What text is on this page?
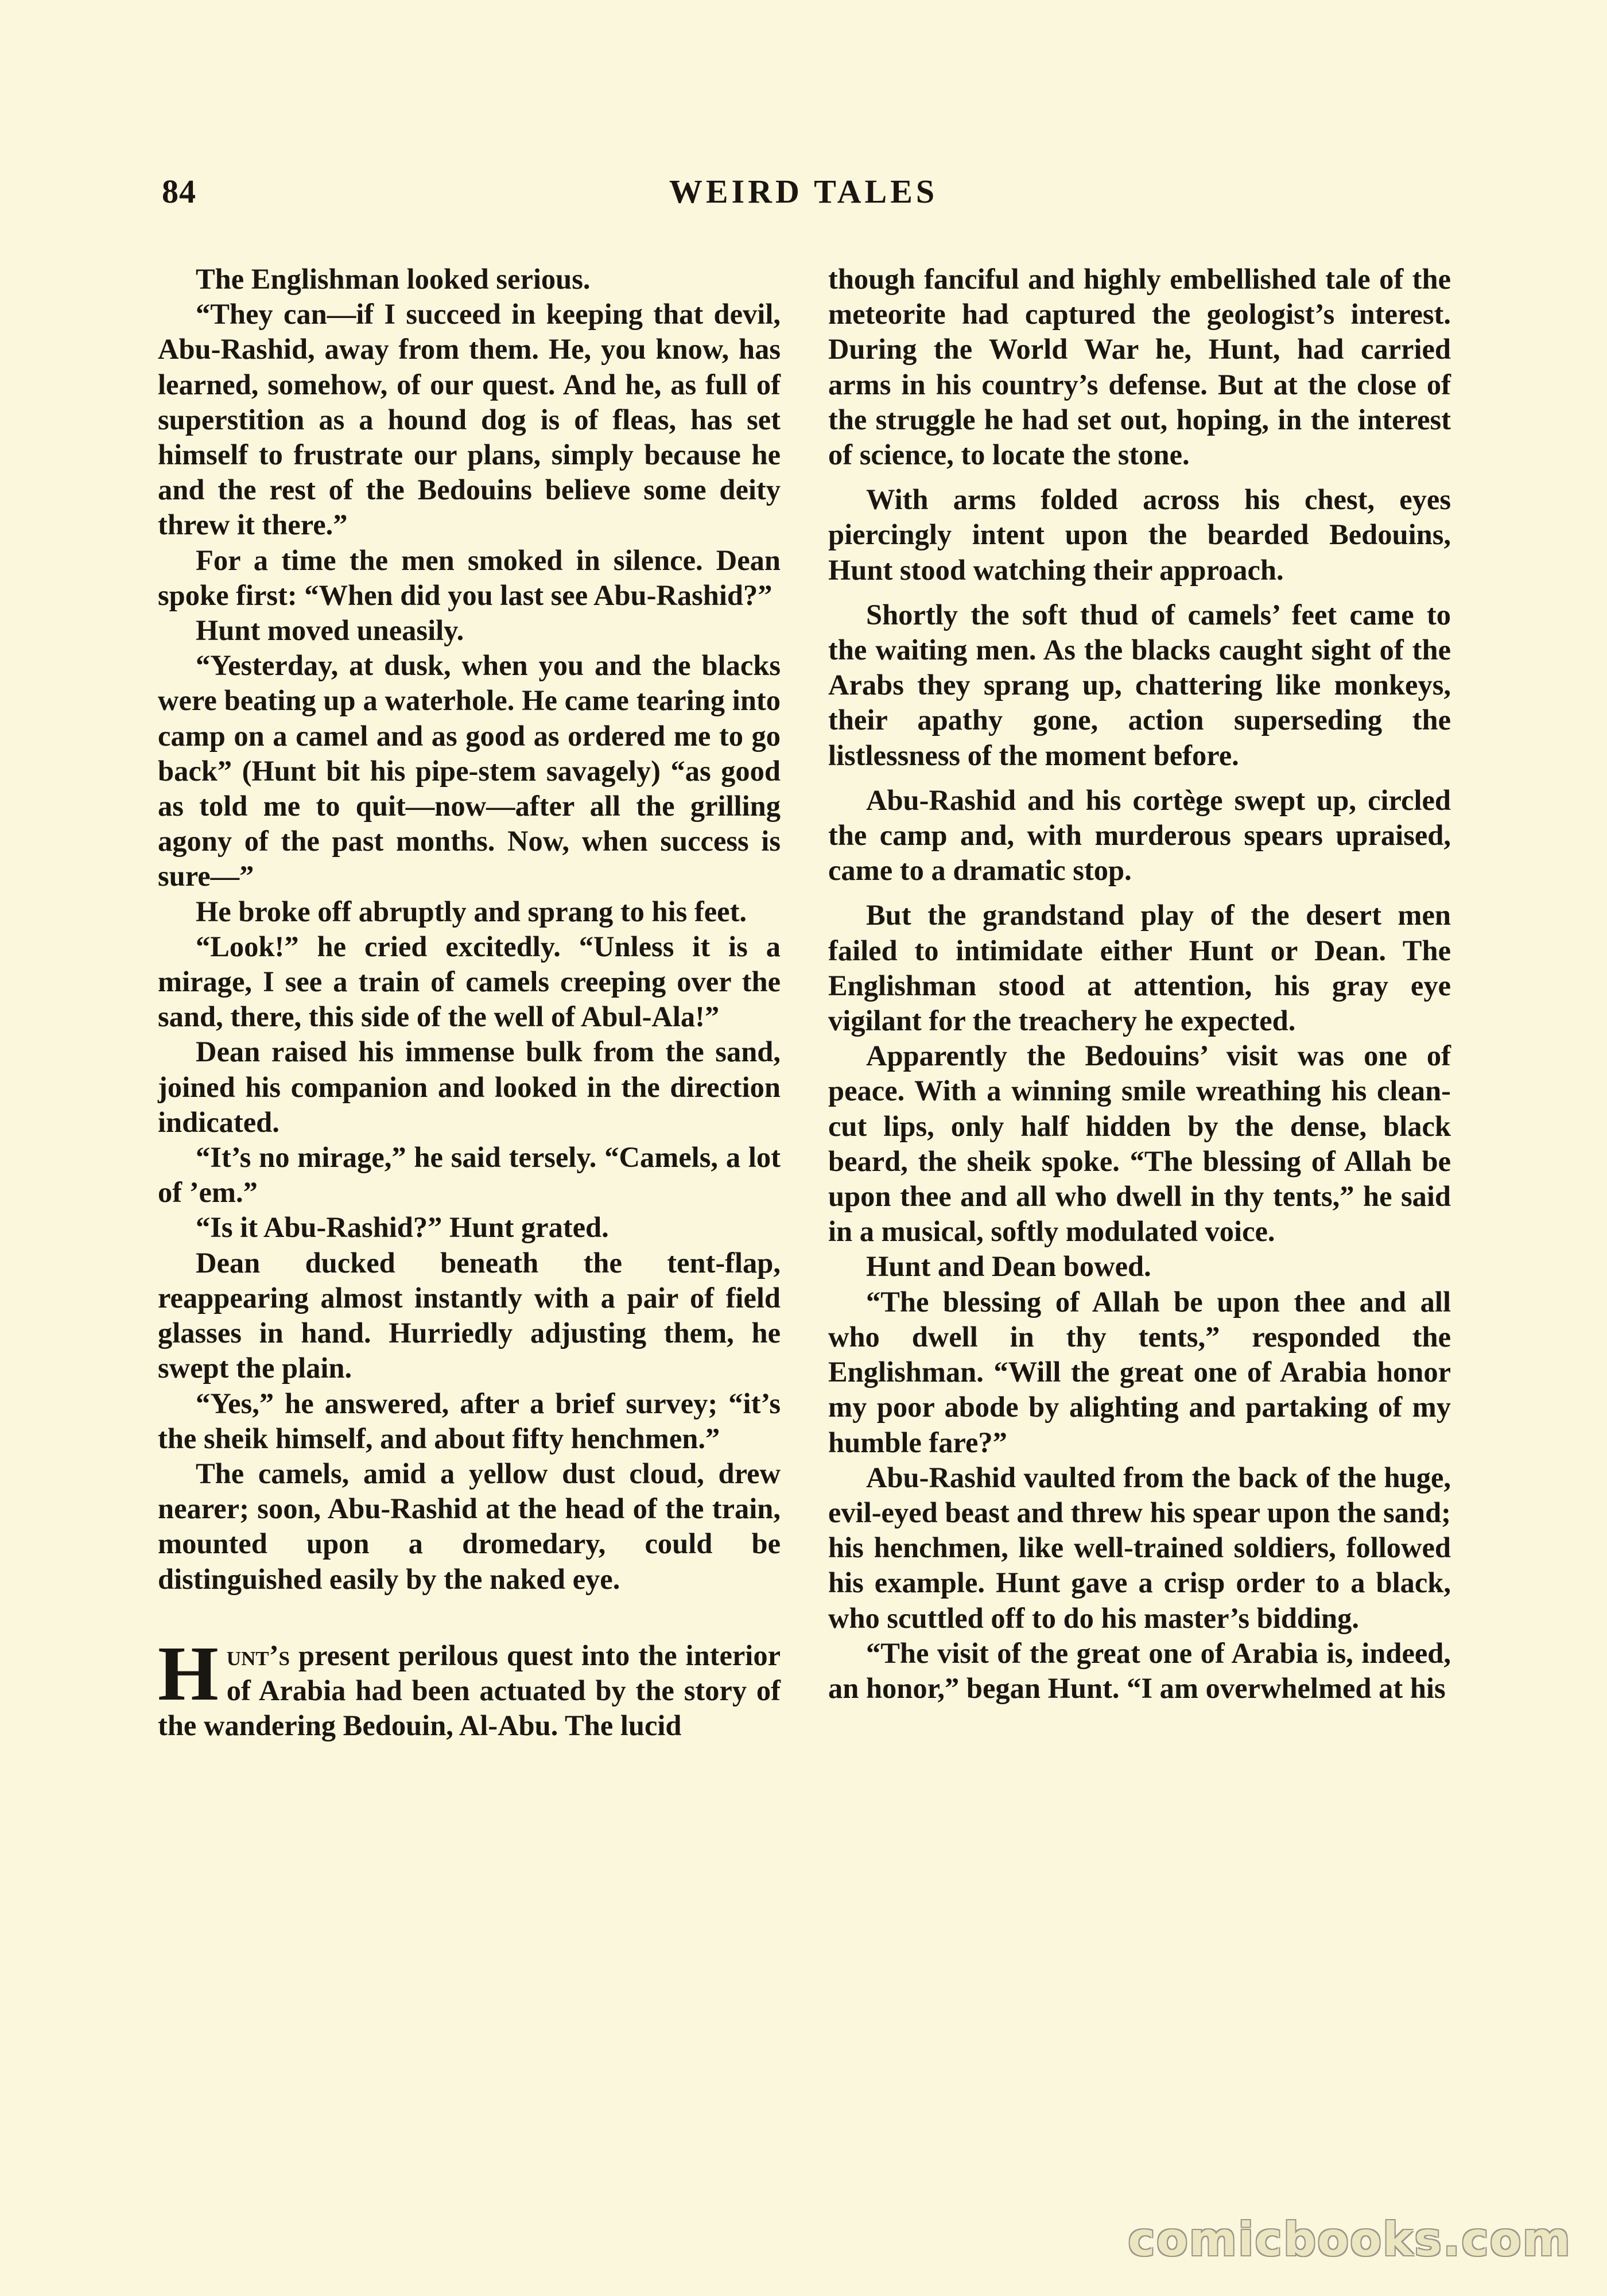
84	WEIRD TALES

The Englishman looked serious.

“They can—if I succeed in keeping that devil, Abu-Rashid, away from them. He, you know, has learned, somehow, of our quest. And he, as full of superstition as a hound dog is of fleas, has set himself to frustrate our plans, simply because he and the rest of the Bedouins believe some deity threw it there.”

For a time the men smoked in silence. Dean spoke first: “When did you last see Abu-Rashid?”

Hunt moved uneasily.

“Yesterday, at dusk, when you and the blacks were beating up a waterhole. He came tearing into camp on a camel and as good as ordered me to go back” (Hunt bit his pipe-stem savagely) “as good as told me to quit—now—after all the grilling agony of the past months. Now, when success is sure—”

He broke off abruptly and sprang to his feet.

“Look!” he cried excitedly. “Unless it is a mirage, I see a train of camels creeping over the sand, there, this side of the well of Abul-Ala!”

Dean raised his immense bulk from the sand, joined his companion and looked in the direction indicated.

“It’s no mirage,” he said tersely. “Camels, a lot of ’em.”

“Is it Abu-Rashid?” Hunt grated.

Dean ducked beneath the tent-flap, reappearing almost instantly with a pair of field glasses in hand. Hurriedly adjusting them, he swept the plain.

“Yes,” he answered, after a brief survey; “it’s the sheik himself, and about fifty henchmen.”

The camels, amid a yellow dust cloud, drew nearer; soon, Abu-Rashid at the head of the train, mounted upon a dromedary, could be distinguished easily by the naked eye.

Hunt’s present perilous quest into the interior of Arabia had been actuated by the story of the wandering Bedouin, Al-Abu. The lucid

though fanciful and highly embellished tale of the meteorite had captured the geologist’s interest. During the World War he, Hunt, had carried arms in his country’s defense. But at the close of the struggle he had set out, hoping, in the interest of science, to locate the stone.

With arms folded across his chest, eyes piercingly intent upon the bearded Bedouins, Hunt stood watching their approach.

Shortly the soft thud of camels’ feet came to the waiting men. As the blacks caught sight of the Arabs they sprang up, chattering like monkeys, their apathy gone, action superseding the listlessness of the moment before.

Abu-Rashid and his cortège swept up, circled the camp and, with murderous spears upraised, came to a dramatic stop.

But the grandstand play of the desert men failed to intimidate either Hunt or Dean. The Englishman stood at attention, his gray eye vigilant for the treachery he expected.

Apparently the Bedouins’ visit was one of peace. With a winning smile wreathing his clean-cut lips, only half hidden by the dense, black beard, the sheik spoke. “The blessing of Allah be upon thee and all who dwell in thy tents,” he said in a musical, softly modulated voice.

Hunt and Dean bowed.

“The blessing of Allah be upon thee and all who dwell in thy tents,” responded the Englishman. “Will the great one of Arabia honor my poor abode by alighting and partaking of my humble fare?”

Abu-Rashid vaulted from the back of the huge, evil-eyed beast and threw his spear upon the sand; his henchmen, like well-trained soldiers, followed his example. Hunt gave a crisp order to a black, who scuttled off to do his master’s bidding.

“The visit of the great one of Arabia is, indeed, an honor,” began Hunt. “I am overwhelmed at his

comicbooks.com
